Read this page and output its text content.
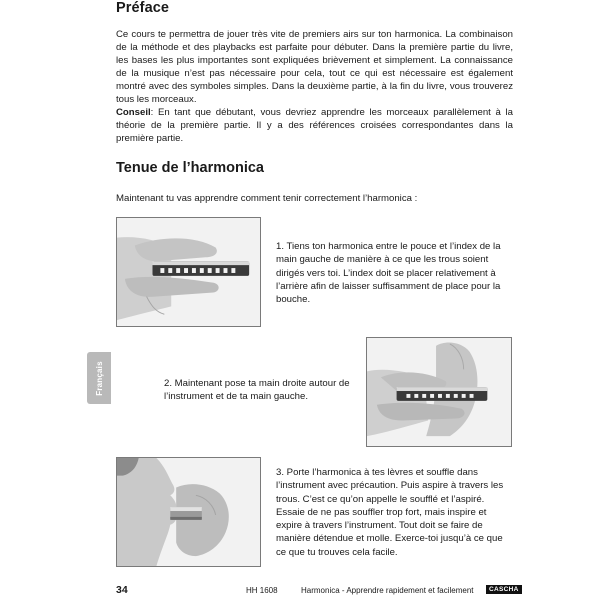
Préface

Ce cours te permettra de jouer très vite de premiers airs sur ton harmonica. La combinaison de la méthode et des playbacks est parfaite pour débuter. Dans la première partie du livre, les bases les plus importantes sont expliquées brièvement et simplement. La connaissance de la musique n’est pas nécessaire pour cela, tout ce qui est nécessaire est également montré avec des symboles simples. Dans la deuxième partie, à la fin du livre, vous trouverez tous les morceaux.

Conseil: En tant que débutant, vous devriez apprendre les morceaux parallèlement à la théorie de la première partie. Il y a des références croisées correspondantes dans la première partie.

Tenue de l’harmonica
Maintenant tu vas apprendre comment tenir correctement l’harmonica :
1. Tiens ton harmonica entre le pouce et l’index de la main gauche de manière à ce que les trous soient dirigés vers toi. L’index doit se placer relativement à l’arrière afin de laisser suffisamment de place pour la bouche.
Français	2. Maintenant pose ta main droite autour de l’instrument et de ta main gauche.
3. Porte l’harmonica à tes lèvres et souffle dans l’instrument avec précaution. Puis aspire à travers les trous. C’est ce qu’on appelle le soufflé et l’aspiré. Essaie de ne pas souffler trop fort, mais inspire et expire à travers l’instrument. Tout doit se faire de manière détendue et molle. Exerce-toi jusqu’à ce que ce que tu trouves cela facile.
34	HH 1608	Harmonica - Apprendre rapidement et facilement	CASCHA
